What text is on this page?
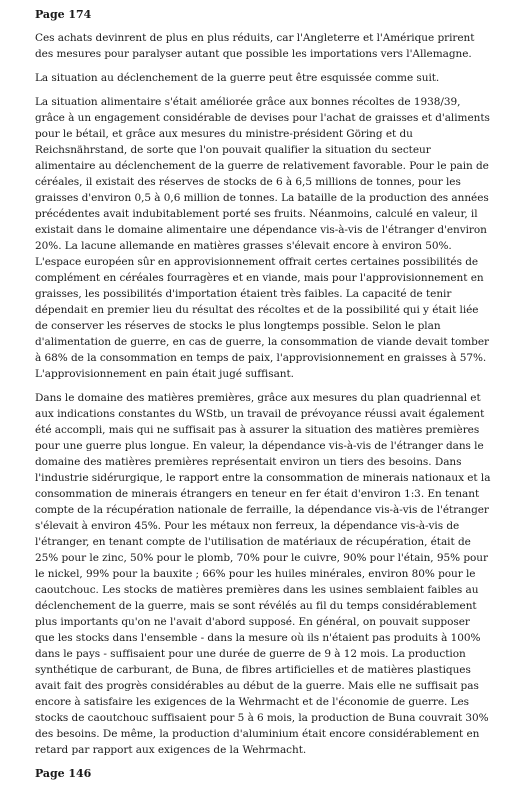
Page 174

Ces achats devinrent de plus en plus réduits, car l'Angleterre et l'Amérique prirent des mesures pour paralyser autant que possible les importations vers l'Allemagne.

La situation au déclenchement de la guerre peut être esquissée comme suit.

La situation alimentaire s'était améliorée grâce aux bonnes récoltes de 1938/39, grâce à un engagement considérable de devises pour l'achat de graisses et d'aliments pour le bétail, et grâce aux mesures du ministre-président Göring et du Reichsnährstand, de sorte que l'on pouvait qualifier la situation du secteur alimentaire au déclenchement de la guerre de relativement favorable. Pour le pain de céréales, il existait des réserves de stocks de 6 à 6,5 millions de tonnes, pour les graisses d'environ 0,5 à 0,6 million de tonnes. La bataille de la production des années précédentes avait indubitablement porté ses fruits. Néanmoins, calculé en valeur, il existait dans le domaine alimentaire une dépendance vis-à-vis de l'étranger d'environ 20%. La lacune allemande en matières grasses s'élevait encore à environ 50%. L'espace européen sûr en approvisionnement offrait certes certaines possibilités de complément en céréales fourragères et en viande, mais pour l'approvisionnement en graisses, les possibilités d'importation étaient très faibles. La capacité de tenir dépendait en premier lieu du résultat des récoltes et de la possibilité qui y était liée de conserver les réserves de stocks le plus longtemps possible. Selon le plan d'alimentation de guerre, en cas de guerre, la consommation de viande devait tomber à 68% de la consommation en temps de paix, l'approvisionnement en graisses à 57%. L'approvisionnement en pain était jugé suffisant.

Dans le domaine des matières premières, grâce aux mesures du plan quadriennal et aux indications constantes du WStb, un travail de prévoyance réussi avait également été accompli, mais qui ne suffisait pas à assurer la situation des matières premières pour une guerre plus longue. En valeur, la dépendance vis-à-vis de l'étranger dans le domaine des matières premières représentait environ un tiers des besoins. Dans l'industrie sidérurgique, le rapport entre la consommation de minerais nationaux et la consommation de minerais étrangers en teneur en fer était d'environ 1:3. En tenant compte de la récupération nationale de ferraille, la dépendance vis-à-vis de l'étranger s'élevait à environ 45%. Pour les métaux non ferreux, la dépendance vis-à-vis de l'étranger, en tenant compte de l'utilisation de matériaux de récupération, était de 25% pour le zinc, 50% pour le plomb, 70% pour le cuivre, 90% pour l'étain, 95% pour le nickel, 99% pour la bauxite ; 66% pour les huiles minérales, environ 80% pour le caoutchouc. Les stocks de matières premières dans les usines semblaient faibles au déclenchement de la guerre, mais se sont révélés au fil du temps considérablement plus importants qu'on ne l'avait d'abord supposé. En général, on pouvait supposer que les stocks dans l'ensemble - dans la mesure où ils n'étaient pas produits à 100% dans le pays - suffisaient pour une durée de guerre de 9 à 12 mois. La production synthétique de carburant, de Buna, de fibres artificielles et de matières plastiques avait fait des progrès considérables au début de la guerre. Mais elle ne suffisait pas encore à satisfaire les exigences de la Wehrmacht et de l'économie de guerre. Les stocks de caoutchouc suffisaient pour 5 à 6 mois, la production de Buna couvrait 30% des besoins. De même, la production d'aluminium était encore considérablement en retard par rapport aux exigences de la Wehrmacht.

Page 146
